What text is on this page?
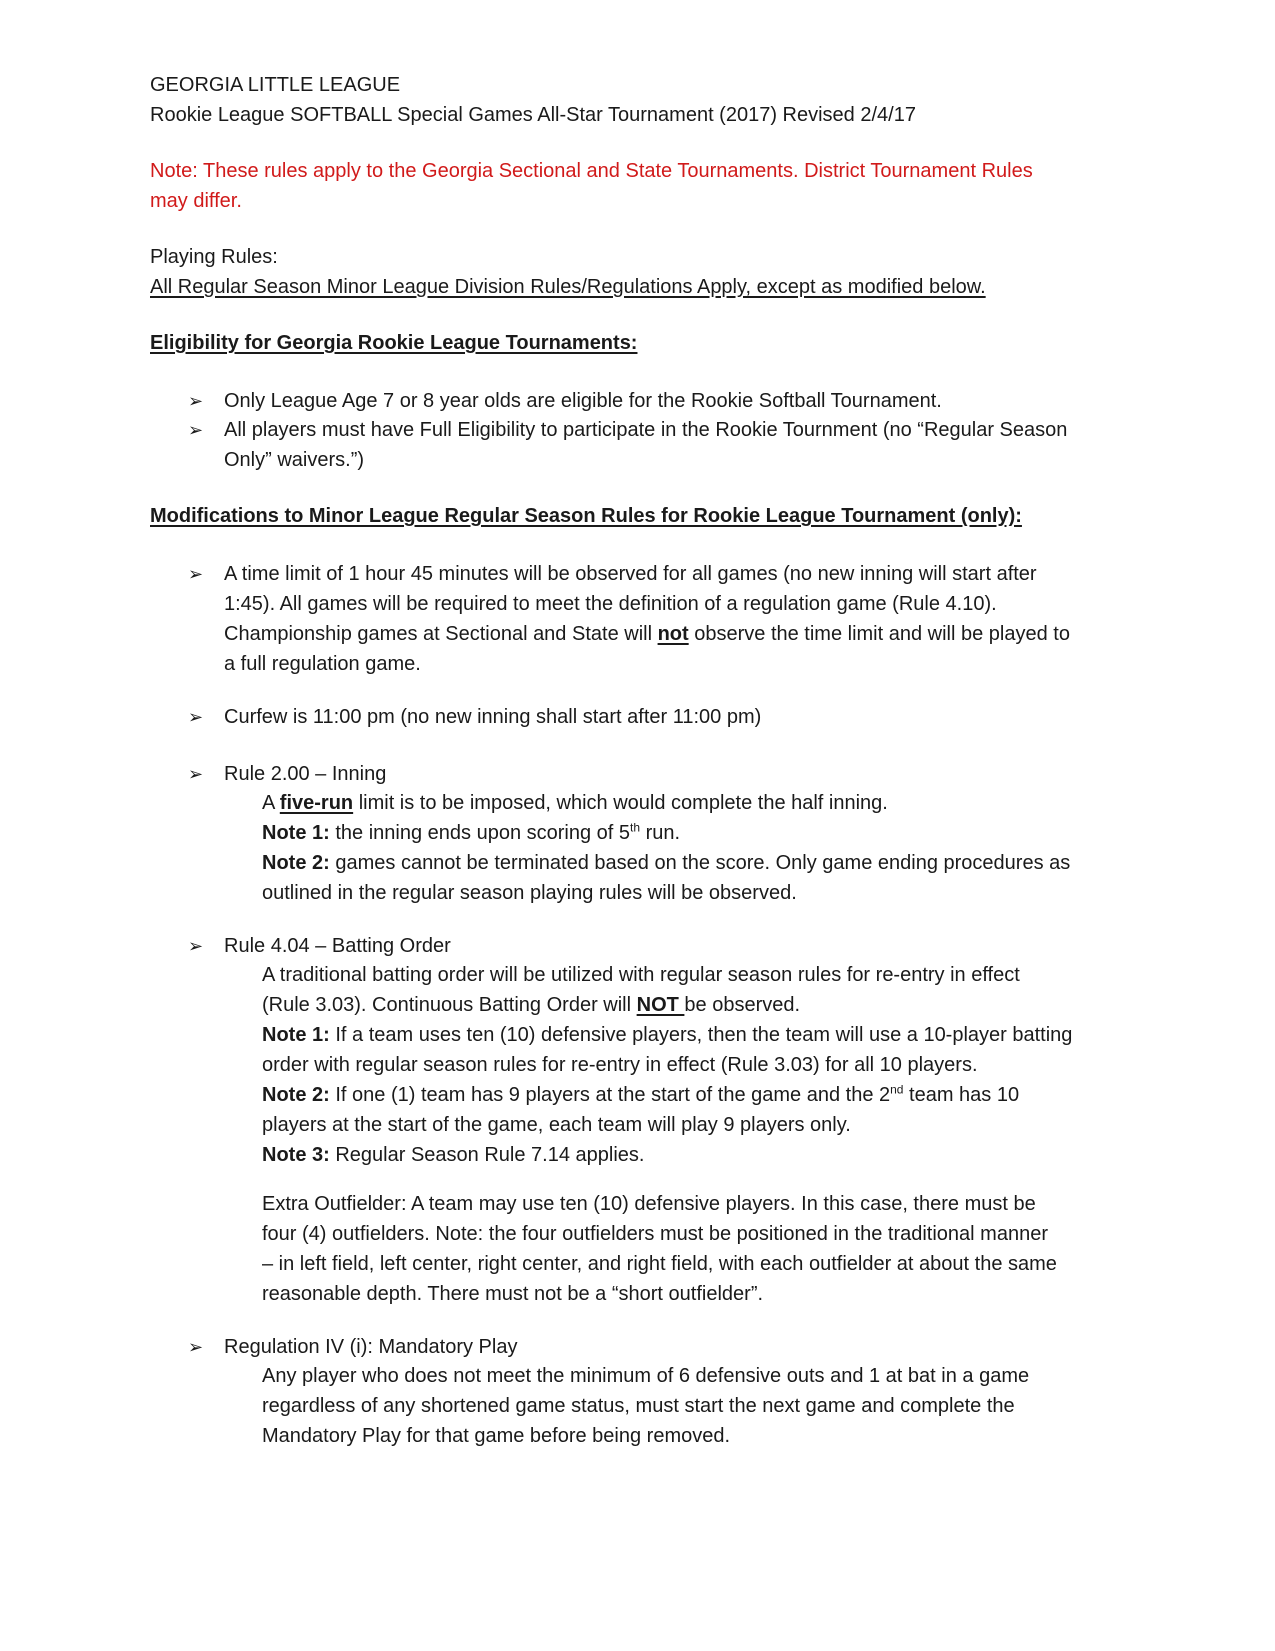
GEORGIA LITTLE LEAGUE
Rookie League SOFTBALL Special Games All-Star Tournament (2017) Revised 2/4/17
Note: These rules apply to the Georgia Sectional and State Tournaments. District Tournament Rules
may differ.
Playing Rules:
All Regular Season Minor League Division Rules/Regulations Apply, except as modified below.
Eligibility for Georgia Rookie League Tournaments:
➢	Only League Age 7 or 8 year olds are eligible for the Rookie Softball Tournament.
➢	All players must have Full Eligibility to participate in the Rookie Tournment (no “Regular Season
Only” waivers.”)
Modifications to Minor League Regular Season Rules for Rookie League Tournament (only):
➢	A time limit of 1 hour 45 minutes will be observed for all games (no new inning will start after
1:45). All games will be required to meet the definition of a regulation game (Rule 4.10).
Championship games at Sectional and State will not observe the time limit and will be played to
a full regulation game.
➢	Curfew is 11:00 pm (no new inning shall start after 11:00 pm)
➢	Rule 2.00 – Inning
A five-run limit is to be imposed, which would complete the half inning.
Note 1: the inning ends upon scoring of 5th run.
Note 2: games cannot be terminated based on the score. Only game ending procedures as
outlined in the regular season playing rules will be observed.
➢	Rule 4.04 – Batting Order
A traditional batting order will be utilized with regular season rules for re-entry in effect
(Rule 3.03). Continuous Batting Order will NOT be observed.
Note 1: If a team uses ten (10) defensive players, then the team will use a 10-player batting
order with regular season rules for re-entry in effect (Rule 3.03) for all 10 players.
Note 2: If one (1) team has 9 players at the start of the game and the 2nd team has 10
players at the start of the game, each team will play 9 players only.
Note 3: Regular Season Rule 7.14 applies.
Extra Outfielder: A team may use ten (10) defensive players. In this case, there must be
four (4) outfielders. Note: the four outfielders must be positioned in the traditional manner
– in left field, left center, right center, and right field, with each outfielder at about the same
reasonable depth. There must not be a “short outfielder”.
➢	Regulation IV (i): Mandatory Play
Any player who does not meet the minimum of 6 defensive outs and 1 at bat in a game
regardless of any shortened game status, must start the next game and complete the
Mandatory Play for that game before being removed.
